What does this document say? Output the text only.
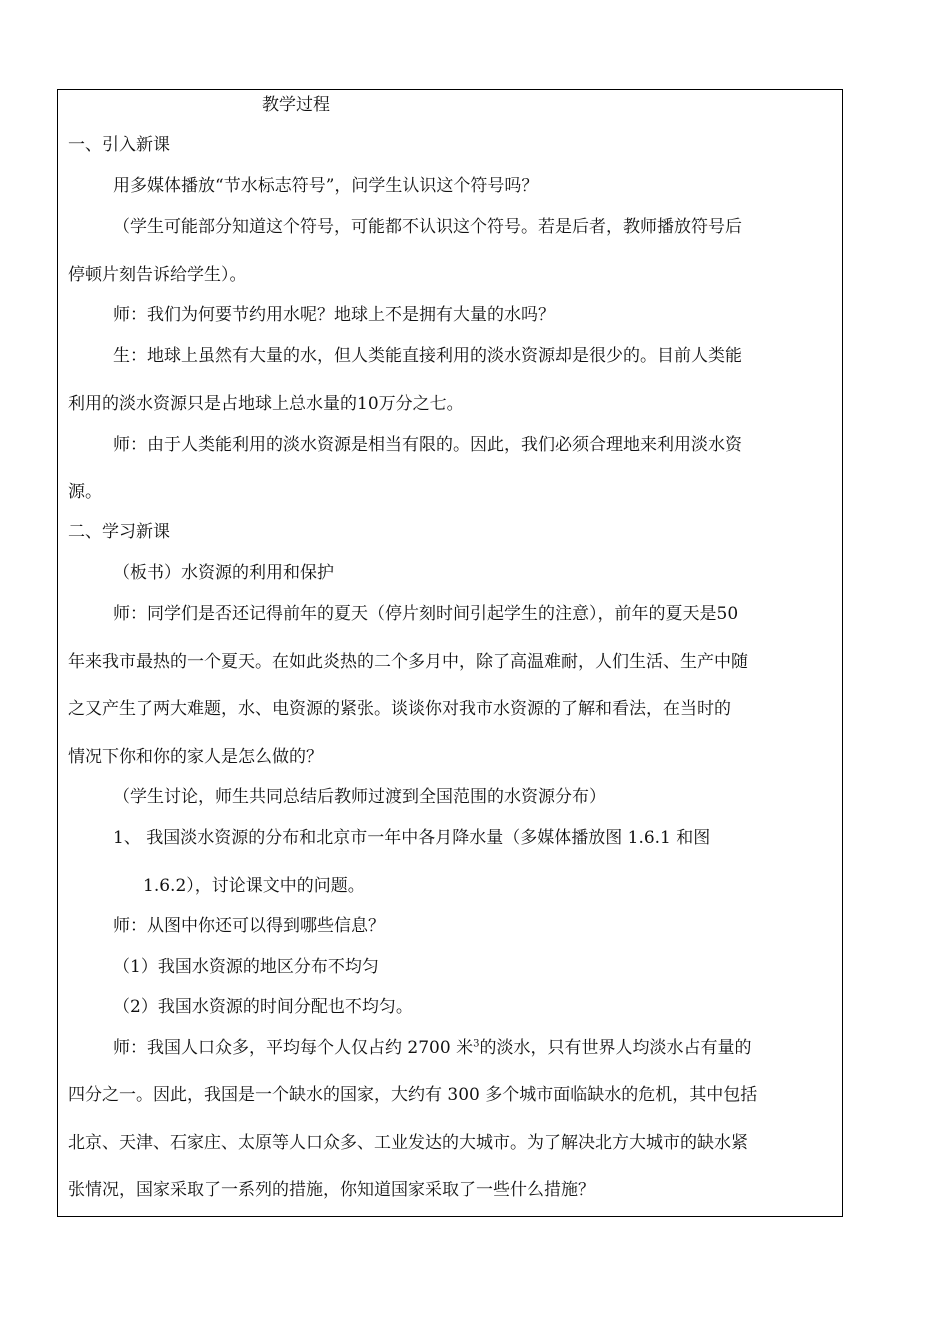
教学过程
一、引入新课
用多媒体播放“节水标志符号”，问学生认识这个符号吗？
（学生可能部分知道这个符号，可能都不认识这个符号。若是后者，教师播放符号后
停顿片刻告诉给学生）。
师：我们为何要节约用水呢？地球上不是拥有大量的水吗？
生：地球上虽然有大量的水，但人类能直接利用的淡水资源却是很少的。目前人类能
利用的淡水资源只是占地球上总水量的10万分之七。
师：由于人类能利用的淡水资源是相当有限的。因此，我们必须合理地来利用淡水资
源。
二、学习新课
（板书）水资源的利用和保护
师：同学们是否还记得前年的夏天（停片刻时间引起学生的注意），前年的夏天是50
年来我市最热的一个夏天。在如此炎热的二个多月中，除了高温难耐，人们生活、生产中随
之又产生了两大难题，水、电资源的紧张。谈谈你对我市水资源的了解和看法，在当时的
情况下你和你的家人是怎么做的？
（学生讨论，师生共同总结后教师过渡到全国范围的水资源分布）
1、 我国淡水资源的分布和北京市一年中各月降水量（多媒体播放图 1.6.1 和图
1.6.2），讨论课文中的问题。
师：从图中你还可以得到哪些信息？
（1）我国水资源的地区分布不均匀
（2）我国水资源的时间分配也不均匀。
师：我国人口众多，平均每个人仅占约 2700 米$^3$的淡水，只有世界人均淡水占有量的
四分之一。因此，我国是一个缺水的国家，大约有 300 多个城市面临缺水的危机，其中包括
北京、天津、石家庄、太原等人口众多、工业发达的大城市。为了解决北方大城市的缺水紧
张情况，国家采取了一系列的措施，你知道国家采取了一些什么措施？
